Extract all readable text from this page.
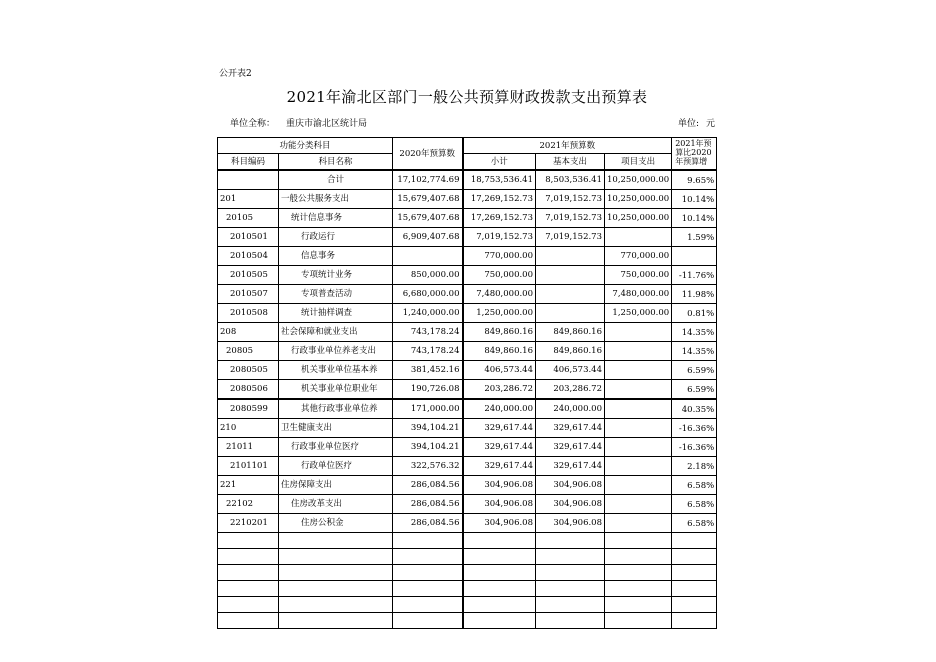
公开表2
2021年渝北区部门一般公共预算财政拨款支出预算表
单位全称： 重庆市渝北区统计局	单位: 元
功能分类科目		2020年预算数	2021年预算数			2021年预算比2020年预算增
科目编码	科目名称		小计	基本支出	项目支出	
	合计	17,102,774.69	18,753,536.41	8,503,536.41	10,250,000.00	9.65%
201	一般公共服务支出	15,679,407.68	17,269,152.73	7,019,152.73	10,250,000.00	10.14%
20105	统计信息事务	15,679,407.68	17,269,152.73	7,019,152.73	10,250,000.00	10.14%
2010501	行政运行	6,909,407.68	7,019,152.73	7,019,152.73		1.59%
2010504	信息事务		770,000.00		770,000.00	
2010505	专项统计业务	850,000.00	750,000.00		750,000.00	-11.76%
2010507	专项普查活动	6,680,000.00	7,480,000.00		7,480,000.00	11.98%
2010508	统计抽样调查	1,240,000.00	1,250,000.00		1,250,000.00	0.81%
208	社会保障和就业支出	743,178.24	849,860.16	849,860.16		14.35%
20805	行政事业单位养老支出	743,178.24	849,860.16	849,860.16		14.35%
2080505	机关事业单位基本养	381,452.16	406,573.44	406,573.44		6.59%
2080506	机关事业单位职业年	190,726.08	203,286.72	203,286.72		6.59%
2080599	其他行政事业单位养	171,000.00	240,000.00	240,000.00		40.35%
210	卫生健康支出	394,104.21	329,617.44	329,617.44		-16.36%
21011	行政事业单位医疗	394,104.21	329,617.44	329,617.44		-16.36%
2101101	行政单位医疗	322,576.32	329,617.44	329,617.44		2.18%
221	住房保障支出	286,084.56	304,906.08	304,906.08		6.58%
22102	住房改革支出	286,084.56	304,906.08	304,906.08		6.58%
2210201	住房公积金	286,084.56	304,906.08	304,906.08		6.58%
